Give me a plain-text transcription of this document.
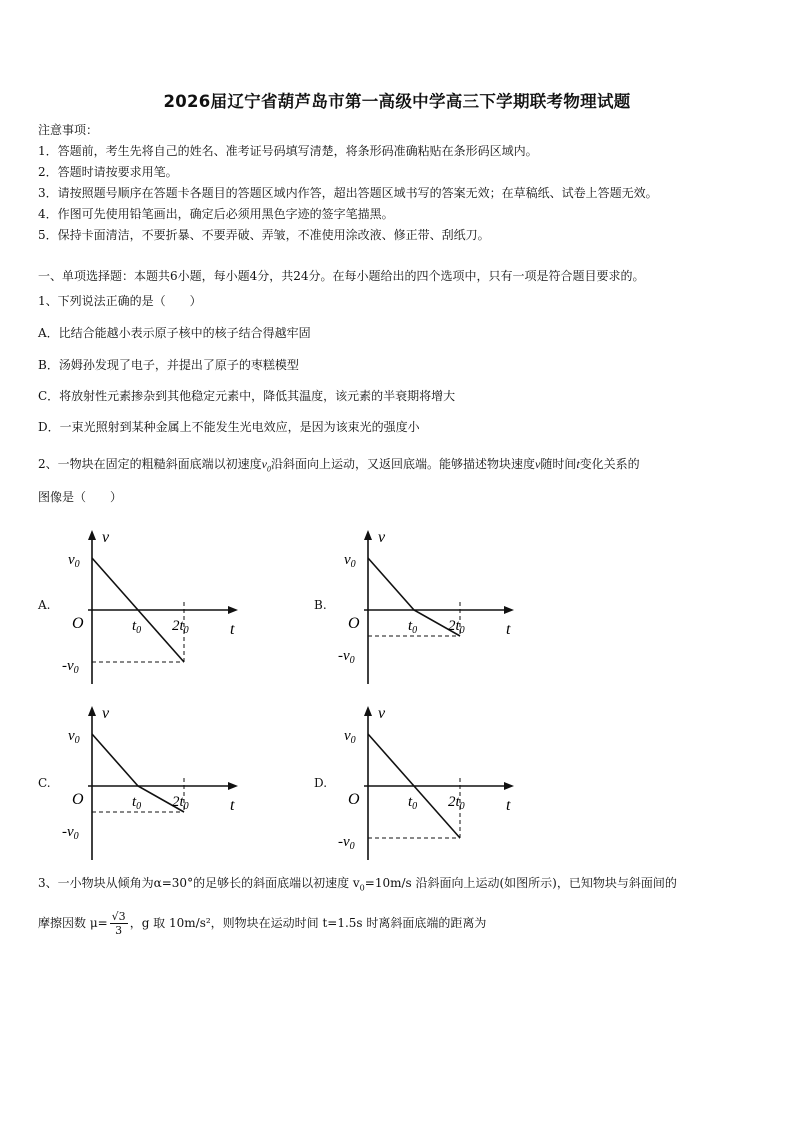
2026届辽宁省葫芦岛市第一高级中学高三下学期联考物理试题
注意事项：
1．答题前，考生先将自己的姓名、准考证号码填写清楚，将条形码准确粘贴在条形码区域内。
2．答题时请按要求用笔。
3．请按照题号顺序在答题卡各题目的答题区域内作答，超出答题区域书写的答案无效；在草稿纸、试卷上答题无效。
4．作图可先使用铅笔画出，确定后必须用黑色字迹的签字笔描黑。
5．保持卡面清洁，不要折暴、不要弄破、弄皱，不准使用涂改液、修正带、刮纸刀。
一、单项选择题：本题共6小题，每小题4分，共24分。在每小题给出的四个选项中，只有一项是符合题目要求的。
1、下列说法正确的是（　　）
A．比结合能越小表示原子核中的核子结合得越牢固
B．汤姆孙发现了电子，并提出了原子的枣糕模型
C．将放射性元素掺杂到其他稳定元素中，降低其温度，该元素的半衰期将增大
D．一束光照射到某种金属上不能发生光电效应，是因为该束光的强度小
2、一物块在固定的粗糙斜面底端以初速度$v_0$沿斜面向上运动，又返回底端。能够描述物块速度v随时间t变化关系的
图像是（　　）
A.
v
t
O
$v_0$
$-v_0$
$t_0$ $2t_0$
B.
v
t
O
$v_0$
$-v_0$
$t_0$ $2t_0$
C.
v
t
O
$v_0$
$-v_0$
$t_0$ $2t_0$
D.
v
t
O
$v_0$
$-v_0$
$t_0$ $2t_0$
3、一小物块从倾角为α=30°的足够长的斜面底端以初速度 $v_0=10m/s$ 沿斜面向上运动(如图所示)，已知物块与斜面间的
摩擦因数 $\mu= \frac{√3}{3}$ ，g 取 10m/s²，则物块在运动时间 t=1.5s 时离斜面底端的距离为
